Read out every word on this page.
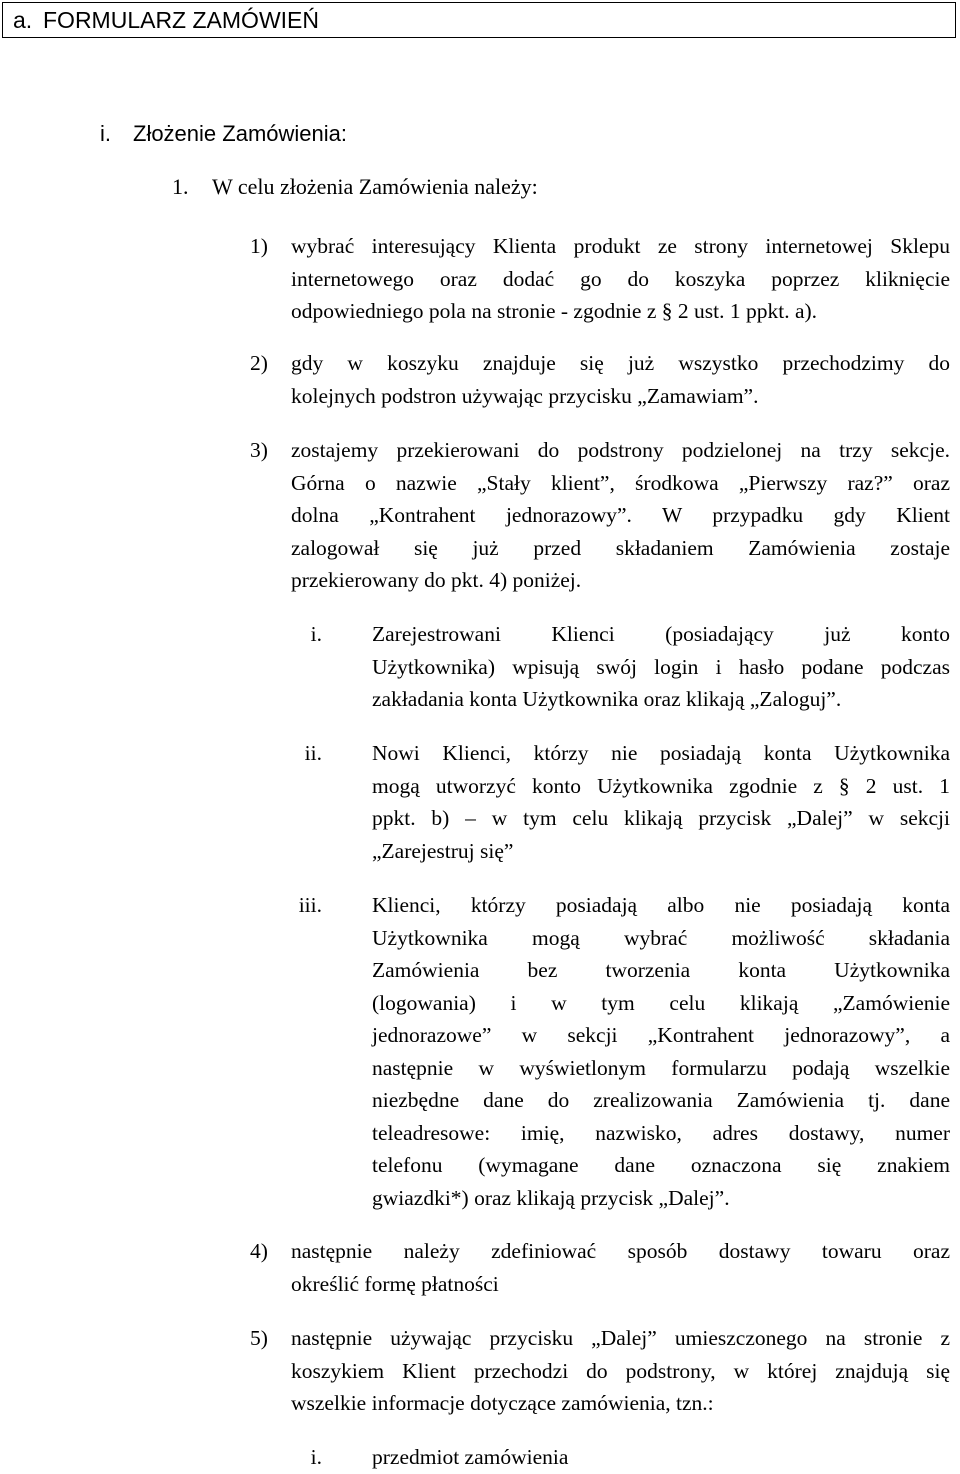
a. FORMULARZ ZAMÓWIEŃ
i. Złożenie Zamówienia:
1. W celu złożenia Zamówienia należy:
1) wybrać interesujący Klienta produkt ze strony internetowej Sklepu
internetowego oraz dodać go do koszyka poprzez kliknięcie
odpowiedniego pola na stronie - zgodnie z § 2 ust. 1 ppkt. a).
2) gdy w koszyku znajduje się już wszystko przechodzimy do
kolejnych podstron używając przycisku „Zamawiam”.
3) zostajemy przekierowani do podstrony podzielonej na trzy sekcje.
Górna o nazwie „Stały klient”, środkowa „Pierwszy raz?” oraz
dolna „Kontrahent jednorazowy”. W przypadku gdy Klient
zalogował się już przed składaniem Zamówienia zostaje
przekierowany do pkt. 4) poniżej.
i. Zarejestrowani Klienci (posiadający już konto
Użytkownika) wpisują swój login i hasło podane podczas
zakładania konta Użytkownika oraz klikają „Zaloguj”.
ii. Nowi Klienci, którzy nie posiadają konta Użytkownika
mogą utworzyć konto Użytkownika zgodnie z § 2 ust. 1
ppkt. b) – w tym celu klikają przycisk „Dalej” w sekcji
„Zarejestruj się”
iii. Klienci, którzy posiadają albo nie posiadają konta
Użytkownika mogą wybrać możliwość składania
Zamówienia bez tworzenia konta Użytkownika
(logowania) i w tym celu klikają „Zamówienie
jednorazowe” w sekcji „Kontrahent jednorazowy”, a
następnie w wyświetlonym formularzu podają wszelkie
niezbędne dane do zrealizowania Zamówienia tj. dane
teleadresowe: imię, nazwisko, adres dostawy, numer
telefonu (wymagane dane oznaczona się znakiem
gwiazdki*) oraz klikają przycisk „Dalej”.
4) następnie należy zdefiniować sposób dostawy towaru oraz
określić formę płatności
5) następnie używając przycisku „Dalej” umieszczonego na stronie z
koszykiem Klient przechodzi do podstrony, w której znajdują się
wszelkie informacje dotyczące zamówienia, tzn.:
i. przedmiot zamówienia
